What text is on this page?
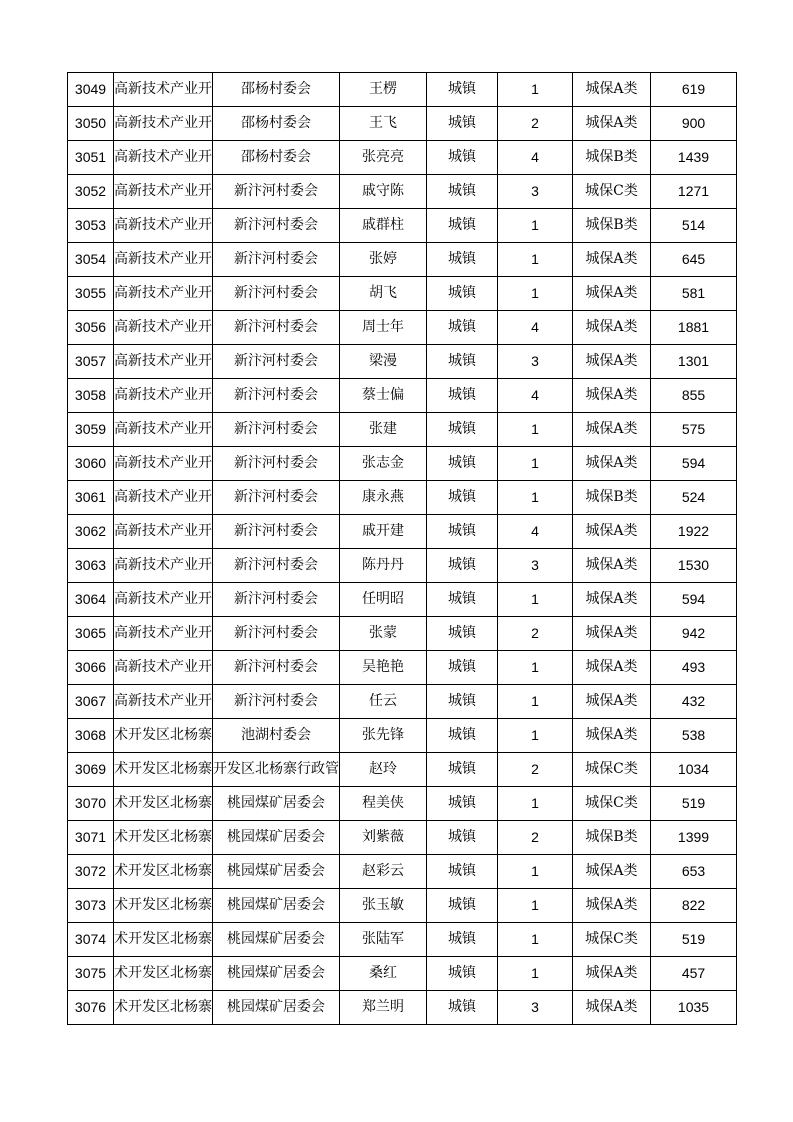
3049	高新技术产业开	邵杨村委会	王楞	城镇	1	城保A类	619
3050	高新技术产业开	邵杨村委会	王飞	城镇	2	城保A类	900
3051	高新技术产业开	邵杨村委会	张亮亮	城镇	4	城保B类	1439
3052	高新技术产业开	新汴河村委会	戚守陈	城镇	3	城保C类	1271
3053	高新技术产业开	新汴河村委会	戚群柱	城镇	1	城保B类	514
3054	高新技术产业开	新汴河村委会	张婷	城镇	1	城保A类	645
3055	高新技术产业开	新汴河村委会	胡飞	城镇	1	城保A类	581
3056	高新技术产业开	新汴河村委会	周士年	城镇	4	城保A类	1881
3057	高新技术产业开	新汴河村委会	梁漫	城镇	3	城保A类	1301
3058	高新技术产业开	新汴河村委会	蔡士偏	城镇	4	城保A类	855
3059	高新技术产业开	新汴河村委会	张建	城镇	1	城保A类	575
3060	高新技术产业开	新汴河村委会	张志金	城镇	1	城保A类	594
3061	高新技术产业开	新汴河村委会	康永燕	城镇	1	城保B类	524
3062	高新技术产业开	新汴河村委会	戚开建	城镇	4	城保A类	1922
3063	高新技术产业开	新汴河村委会	陈丹丹	城镇	3	城保A类	1530
3064	高新技术产业开	新汴河村委会	任明昭	城镇	1	城保A类	594
3065	高新技术产业开	新汴河村委会	张蒙	城镇	2	城保A类	942
3066	高新技术产业开	新汴河村委会	吴艳艳	城镇	1	城保A类	493
3067	高新技术产业开	新汴河村委会	任云	城镇	1	城保A类	432
3068	术开发区北杨寨	池湖村委会	张先锋	城镇	1	城保A类	538
3069	术开发区北杨寨	开发区北杨寨行政管	赵玲	城镇	2	城保C类	1034
3070	术开发区北杨寨	桃园煤矿居委会	程美侠	城镇	1	城保C类	519
3071	术开发区北杨寨	桃园煤矿居委会	刘紫薇	城镇	2	城保B类	1399
3072	术开发区北杨寨	桃园煤矿居委会	赵彩云	城镇	1	城保A类	653
3073	术开发区北杨寨	桃园煤矿居委会	张玉敏	城镇	1	城保A类	822
3074	术开发区北杨寨	桃园煤矿居委会	张陆军	城镇	1	城保C类	519
3075	术开发区北杨寨	桃园煤矿居委会	桑红	城镇	1	城保A类	457
3076	术开发区北杨寨	桃园煤矿居委会	郑兰明	城镇	3	城保A类	1035
